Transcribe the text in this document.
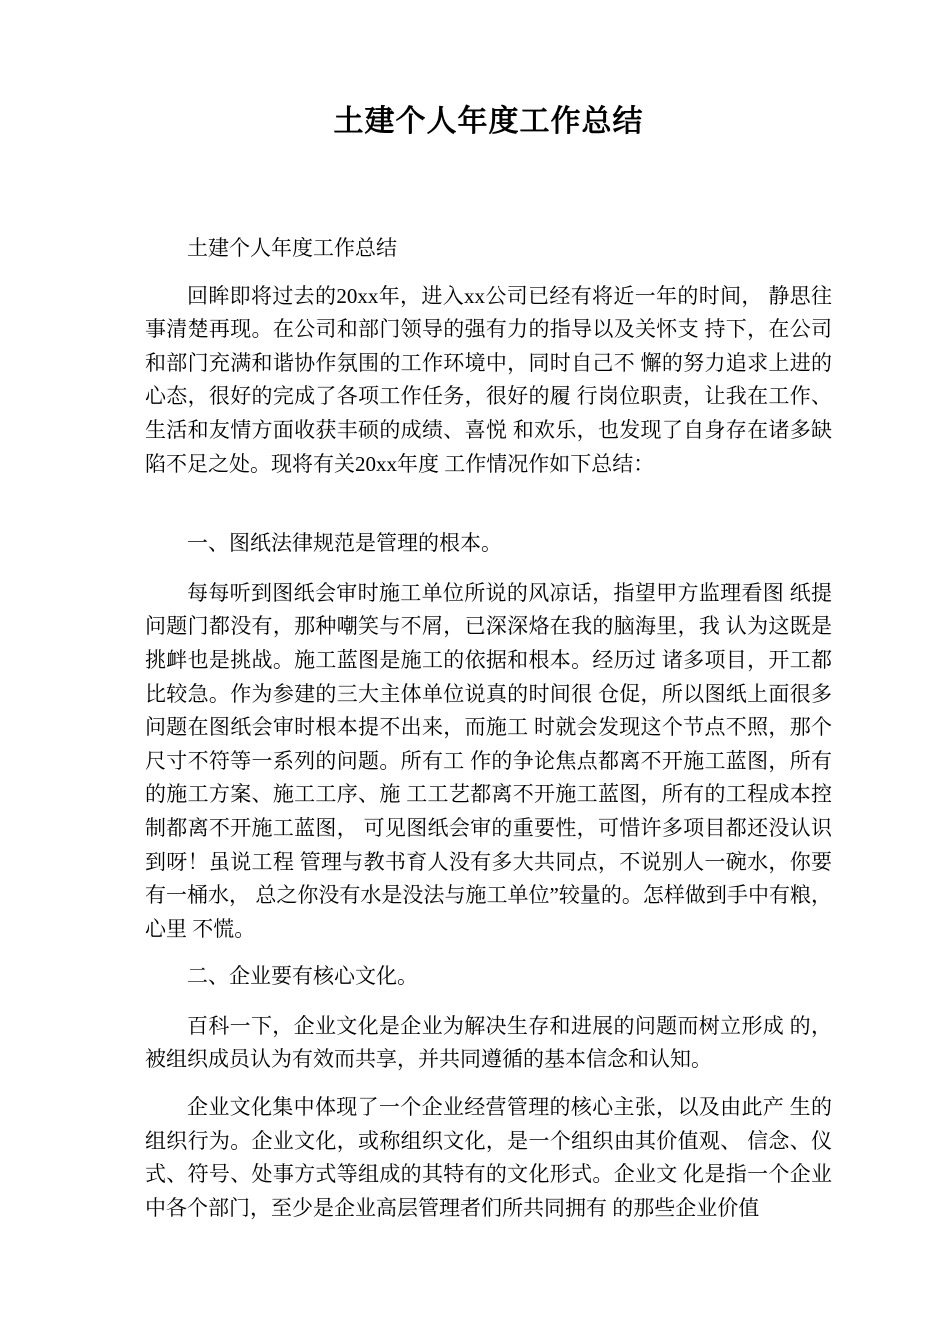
土建个人年度工作总结

土建个人年度工作总结

回眸即将过去的20xx年，进入xx公司已经有将近一年的时间， 静思往事清楚再现。在公司和部门领导的强有力的指导以及关怀支 持下，在公司和部门充满和谐协作氛围的工作环境中，同时自己不 懈的努力追求上进的心态，很好的完成了各项工作任务，很好的履 行岗位职责，让我在工作、生活和友情方面收获丰硕的成绩、喜悦 和欢乐，也发现了自身存在诸多缺陷不足之处。现将有关20xx年度 工作情况作如下总结：

一、图纸法律规范是管理的根本。

每每听到图纸会审时施工单位所说的风凉话，指望甲方监理看图 纸提问题门都没有，那种嘲笑与不屑，已深深烙在我的脑海里，我 认为这既是挑衅也是挑战。施工蓝图是施工的依据和根本。经历过 诸多项目，开工都比较急。作为参建的三大主体单位说真的时间很 仓促，所以图纸上面很多问题在图纸会审时根本提不出来，而施工 时就会发现这个节点不照，那个尺寸不符等一系列的问题。所有工 作的争论焦点都离不开施工蓝图，所有的施工方案、施工工序、施 工工艺都离不开施工蓝图，所有的工程成本控制都离不开施工蓝图， 可见图纸会审的重要性，可惜许多项目都还没认识到呀！虽说工程 管理与教书育人没有多大共同点，不说别人一碗水，你要有一桶水， 总之你没有水是没法与施工单位”较量的。怎样做到手中有粮，心里 不慌。

二、企业要有核心文化。

百科一下，企业文化是企业为解决生存和进展的问题而树立形成 的，被组织成员认为有效而共享，并共同遵循的基本信念和认知。

企业文化集中体现了一个企业经营管理的核心主张，以及由此产 生的组织行为。企业文化，或称组织文化，是一个组织由其价值观、 信念、仪式、符号、处事方式等组成的其特有的文化形式。企业文 化是指一个企业中各个部门，至少是企业高层管理者们所共同拥有 的那些企业价值
